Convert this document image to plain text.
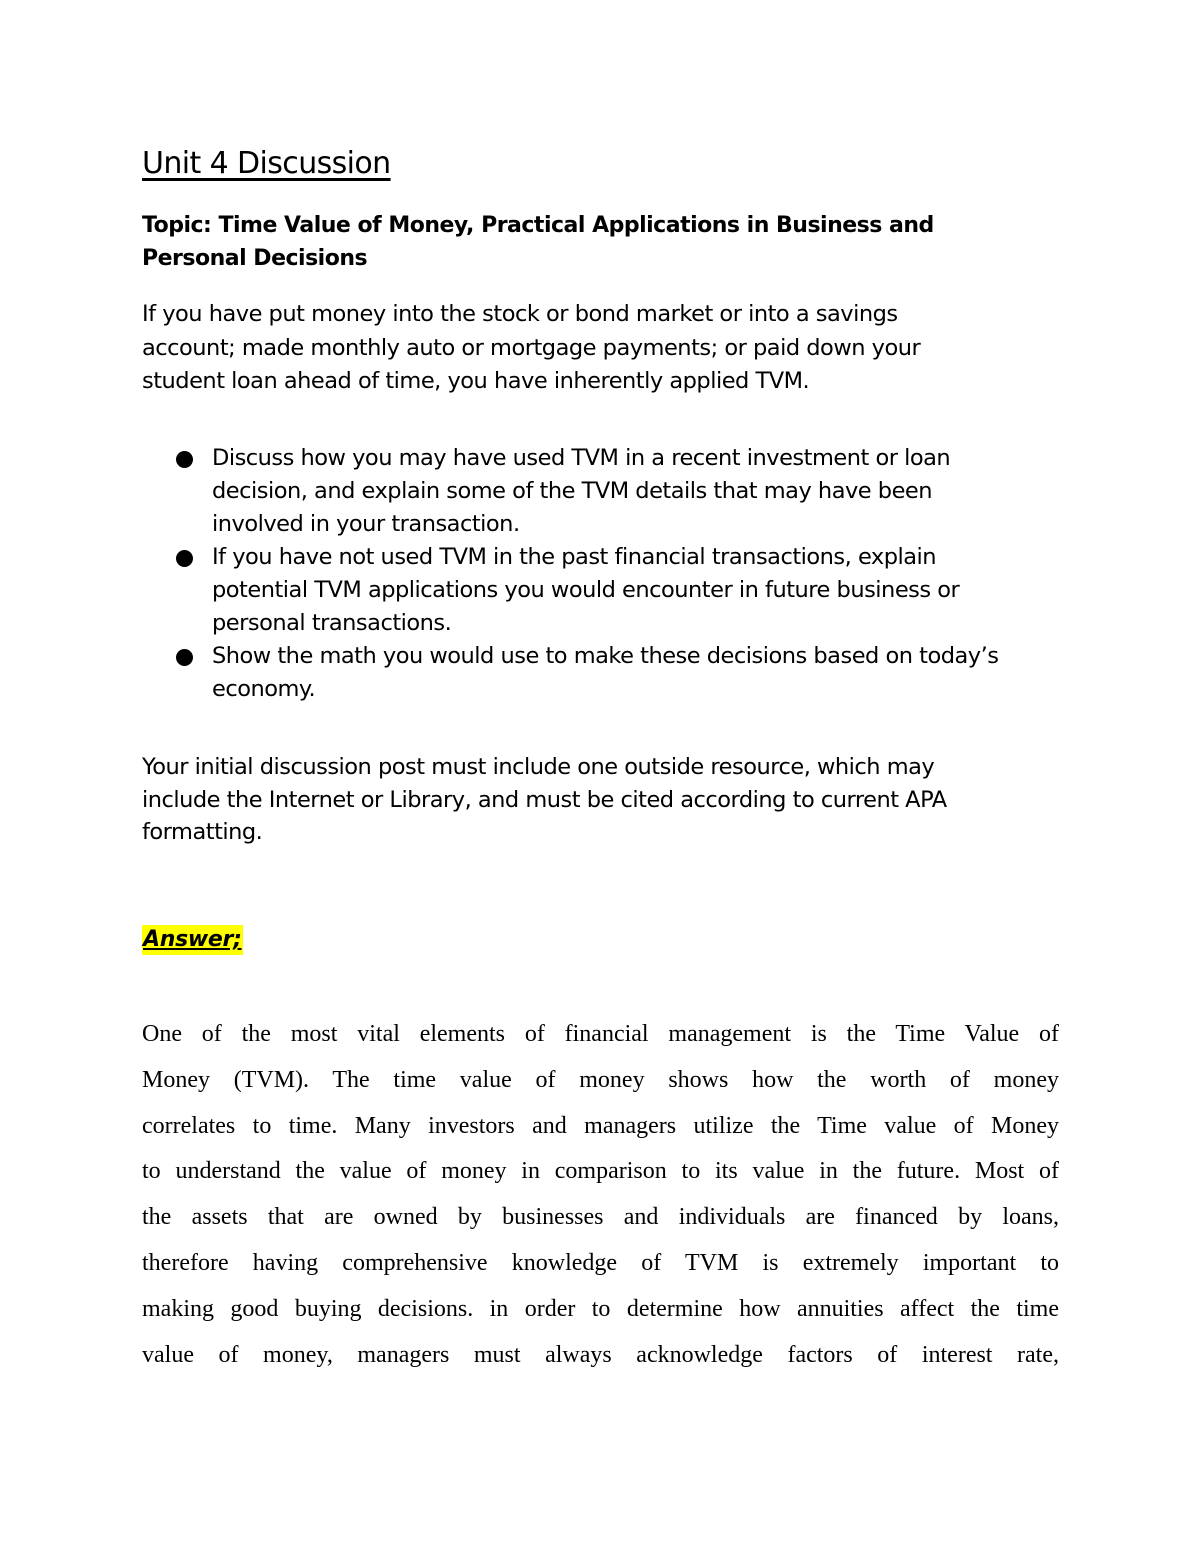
Unit 4 Discussion

Topic: Time Value of Money, Practical Applications in Business and
Personal Decisions

If you have put money into the stock or bond market or into a savings
account; made monthly auto or mortgage payments; or paid down your
student loan ahead of time, you have inherently applied TVM.

Discuss how you may have used TVM in a recent investment or loan
decision, and explain some of the TVM details that may have been
involved in your transaction.
If you have not used TVM in the past financial transactions, explain
potential TVM applications you would encounter in future business or
personal transactions.
Show the math you would use to make these decisions based on today’s
economy.

Your initial discussion post must include one outside resource, which may
include the Internet or Library, and must be cited according to current APA
formatting.

Answer;

One of the most vital elements of financial management is the Time Value of
Money (TVM). The time value of money shows how the worth of money
correlates to time. Many investors and managers utilize the Time value of Money
to understand the value of money in comparison to its value in the future. Most of
the assets that are owned by businesses and individuals are financed by loans,
therefore having comprehensive knowledge of TVM is extremely important to
making good buying decisions. in order to determine how annuities affect the time
value of money, managers must always acknowledge factors of interest rate,
